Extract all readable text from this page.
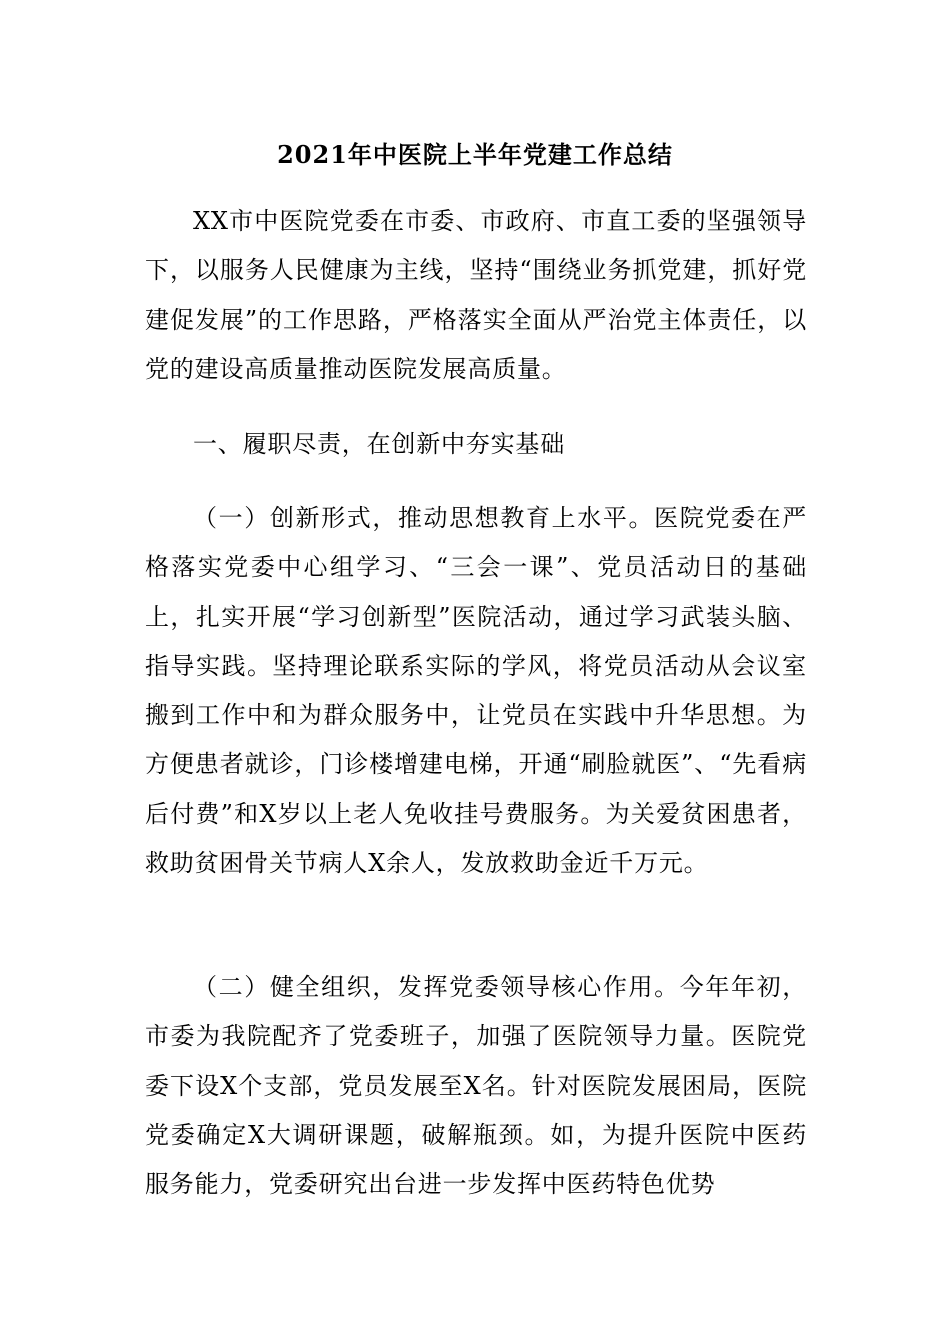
2021年中医院上半年党建工作总结

XX市中医院党委在市委、市政府、市直工委的坚强领导下，以服务人民健康为主线，坚持“围绕业务抓党建，抓好党建促发展”的工作思路，严格落实全面从严治党主体责任，以党的建设高质量推动医院发展高质量。

一、履职尽责，在创新中夯实基础

（一）创新形式，推动思想教育上水平。医院党委在严格落实党委中心组学习、“三会一课”、党员活动日的基础上，扎实开展“学习创新型”医院活动，通过学习武装头脑、指导实践。坚持理论联系实际的学风，将党员活动从会议室搬到工作中和为群众服务中，让党员在实践中升华思想。为方便患者就诊，门诊楼增建电梯，开通“刷脸就医”、“先看病后付费”和X岁以上老人免收挂号费服务。为关爱贫困患者，救助贫困骨关节病人X余人，发放救助金近千万元。

（二）健全组织，发挥党委领导核心作用。今年年初，市委为我院配齐了党委班子，加强了医院领导力量。医院党委下设X个支部，党员发展至X名。针对医院发展困局，医院党委确定X大调研课题，破解瓶颈。如，为提升医院中医药服务能力，党委研究出台进一步发挥中医药特色优势
